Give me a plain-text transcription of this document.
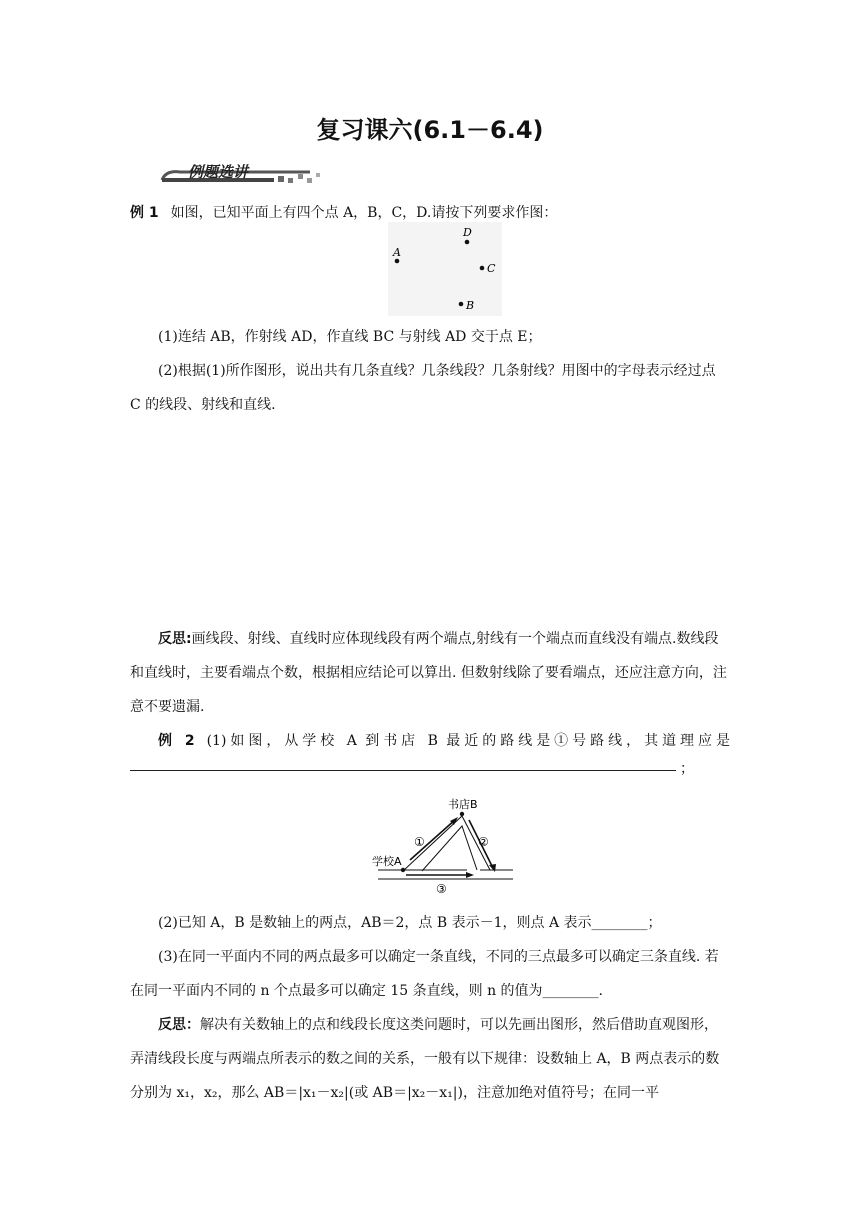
复习课六(6.1－6.4)
例题选讲
例 1 如图，已知平面上有四个点 A，B，C，D.请按下列要求作图：
A
D
C
B
(1)连结 AB，作射线 AD，作直线 BC 与射线 AD 交于点 E；
(2)根据(1)所作图形，说出共有几条直线？几条线段？几条射线？用图中的字母表示经过点 C 的线段、射线和直线.
反思:画线段、射线、直线时应体现线段有两个端点,射线有一个端点而直线没有端点.数线段和直线时，主要看端点个数，根据相应结论可以算出. 但数射线除了要看端点，还应注意方向，注意不要遗漏.
例 2 (1)如图，从学校 A 到书店 B 最近的路线是①号路线，其道理应是
；
书店B
学校A
①	②
③
(2)已知 A，B 是数轴上的两点，AB＝2，点 B 表示－1，则点 A 表示________；
(3)在同一平面内不同的两点最多可以确定一条直线，不同的三点最多可以确定三条直线. 若在同一平面内不同的 n 个点最多可以确定 15 条直线，则 n 的值为________.
反思：解决有关数轴上的点和线段长度这类问题时，可以先画出图形，然后借助直观图形，弄清线段长度与两端点所表示的数之间的关系，一般有以下规律：设数轴上 A，B 两点表示的数分别为 x₁，x₂，那么 AB＝|x₁－x₂|(或 AB＝|x₂－x₁|)，注意加绝对值符号；在同一平
